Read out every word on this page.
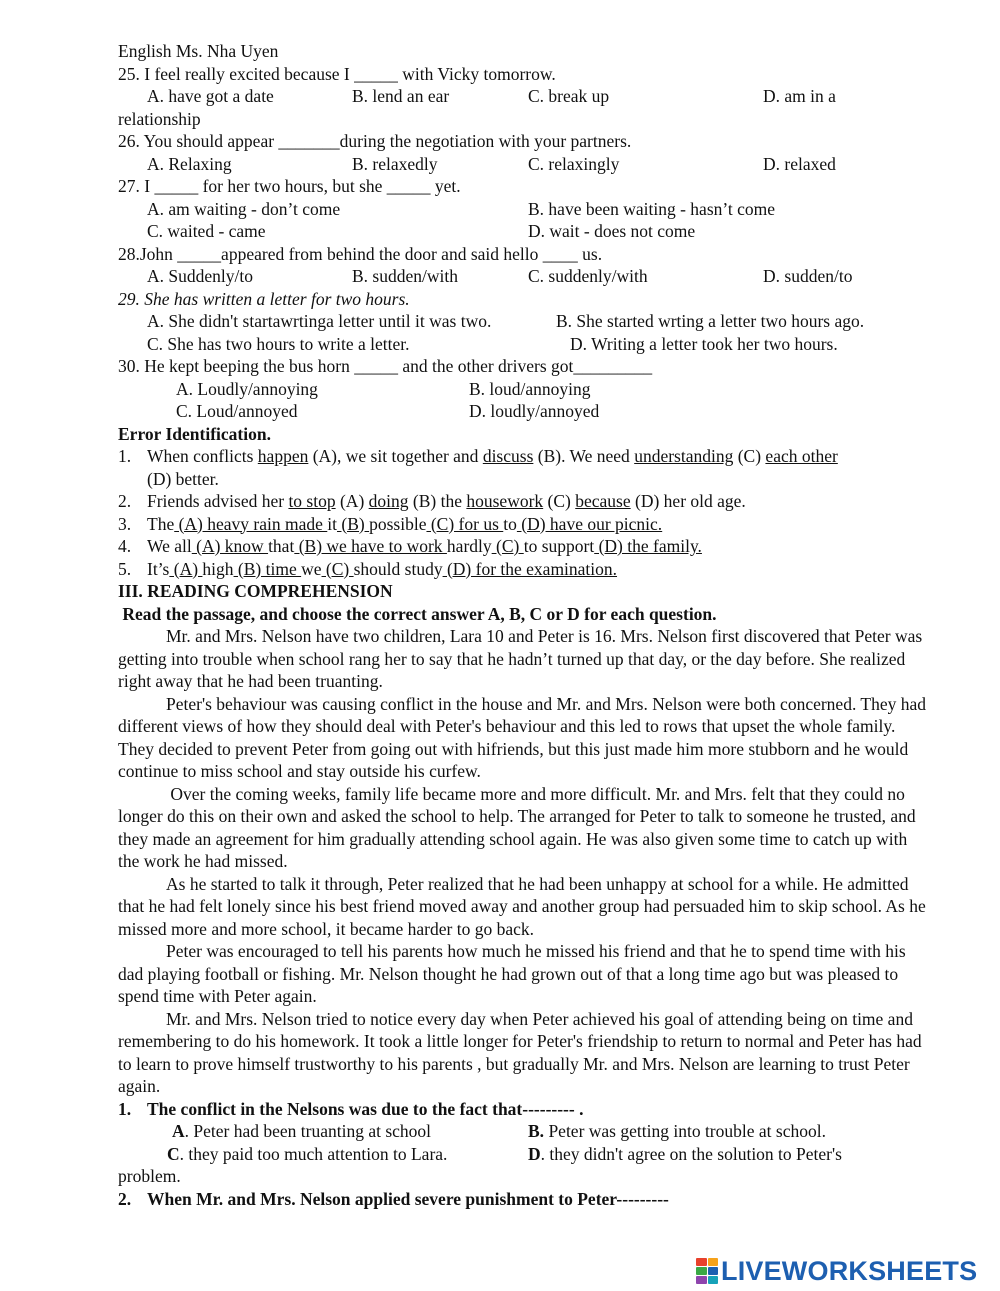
English Ms. Nha Uyen
25. I feel really excited because I _____ with Vicky tomorrow.
A. have got a date	B. lend an ear	C. break up	D. am in a
relationship
26. You should appear _______during the negotiation with your partners.
A. Relaxing	B. relaxedly	C. relaxingly	D. relaxed
27. I _____ for her two hours, but she _____ yet.
A. am waiting - don’t come	B. have been waiting - hasn’t come
C. waited - came	D. wait - does not come
28.John _____appeared from behind the door and said hello ____ us.
A. Suddenly/to	B. sudden/with	C. suddenly/with	D. sudden/to
29. She has written a letter for two hours.
A. She didn't startawrtinga letter until it was two.	B. She started wrting a letter two hours ago.
C. She has two hours to write a letter.	D. Writing a letter took her two hours.
30. He kept beeping the bus horn _____ and the other drivers got_________
A. Loudly/annoying	B. loud/annoying
C. Loud/annoyed	D. loudly/annoyed
Error Identification.
1. When conflicts happen (A), we sit together and discuss (B). We need understanding (C) each other
(D) better.
2. Friends advised her to stop (A) doing (B) the housework (C) because (D) her old age.
3. The (A) heavy rain made it (B) possible (C) for us to (D) have our picnic.
4. We all (A) know that (B) we have to work hardly (C) to support (D) the family.
5. It’s (A) high (B) time we (C) should study (D) for the examination.
III. READING COMPREHENSION
Read the passage, and choose the correct answer A, B, C or D for each question.

Mr. and Mrs. Nelson have two children, Lara 10 and Peter is 16. Mrs. Nelson first discovered that Peter was getting into trouble when school rang her to say that he hadn’t turned up that day, or the day before. She realized right away that he had been truanting.

Peter's behaviour was causing conflict in the house and Mr. and Mrs. Nelson were both concerned. They had different views of how they should deal with Peter's behaviour and this led to rows that upset the whole family. They decided to prevent Peter from going out with hifriends, but this just made him more stubborn and he would continue to miss school and stay outside his curfew.

Over the coming weeks, family life became more and more difficult. Mr. and Mrs. felt that they could no longer do this on their own and asked the school to help. The arranged for Peter to talk to someone he trusted, and they made an agreement for him gradually attending school again. He was also given some time to catch up with the work he had missed.

As he started to talk it through, Peter realized that he had been unhappy at school for a while. He admitted that he had felt lonely since his best friend moved away and another group had persuaded him to skip school. As he missed more and more school, it became harder to go back.

Peter was encouraged to tell his parents how much he missed his friend and that he to spend time with his dad playing football or fishing. Mr. Nelson thought he had grown out of that a long time ago but was pleased to spend time with Peter again.

Mr. and Mrs. Nelson tried to notice every day when Peter achieved his goal of attending being on time and remembering to do his homework. It took a little longer for Peter's friendship to return to normal and Peter has had to learn to prove himself trustworthy to his parents , but gradually Mr. and Mrs. Nelson are learning to trust Peter again.

1. The conflict in the Nelsons was due to the fact that--------- .
A. Peter had been truanting at school	B. Peter was getting into trouble at school.
C. they paid too much attention to Lara.	D. they didn't agree on the solution to Peter's
problem.
2. When Mr. and Mrs. Nelson applied severe punishment to Peter---------
LIVEWORKSHEETS
